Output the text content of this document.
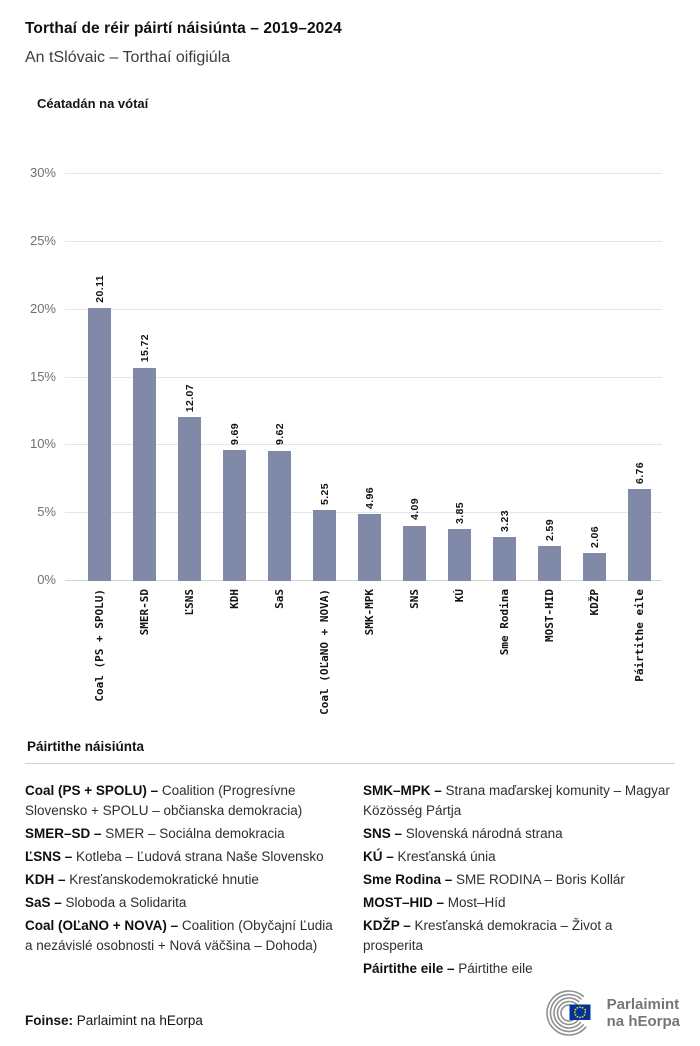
Torthaí de réir páirtí náisiúnta – 2019–2024
An tSlóvaic – Torthaí oifigiúla
Céatadán na vótaí
0%
5%
10%
15%
20%
25%
30%
20.11
15.72
12.07
9.69	9.62
5.25	4.96
4.09	3.85	3.23	2.59	2.06
6.76
Coal (PS + SPOLU)	SMER-SD	ĽSNS	KDH	SaS	Coal (OĽaNO + NOVA)	SMK-MPK	SNS	KÚ	Sme Rodina	MOST-HID	KDŽP	Páirtithe eile
Páirtithe náisiúnta
Coal (PS + SPOLU) – Coalition (Progresívne Slovensko + SPOLU – občianska demokracia)
SMER–SD – SMER – Sociálna demokracia
ĽSNS – Kotleba – Ľudová strana Naše Slovensko
KDH – Kresťanskodemokratické hnutie
SaS – Sloboda a Solidarita
Coal (OĽaNO + NOVA) – Coalition (Obyčajní Ľudia a nezávislé osobnosti + Nová väčšina – Dohoda)
SMK–MPK – Strana maďarskej komunity – Magyar Közösség Pártja
SNS – Slovenská národná strana
KÚ – Kresťanská únia
Sme Rodina – SME RODINA – Boris Kollár
MOST–HID – Most–Híd
KDŽP – Kresťanská demokracia – Život a prosperita
Páirtithe eile – Páirtithe eile

Foinse: Parlaimint na hEorpa

Parlaimint
na hEorpa
